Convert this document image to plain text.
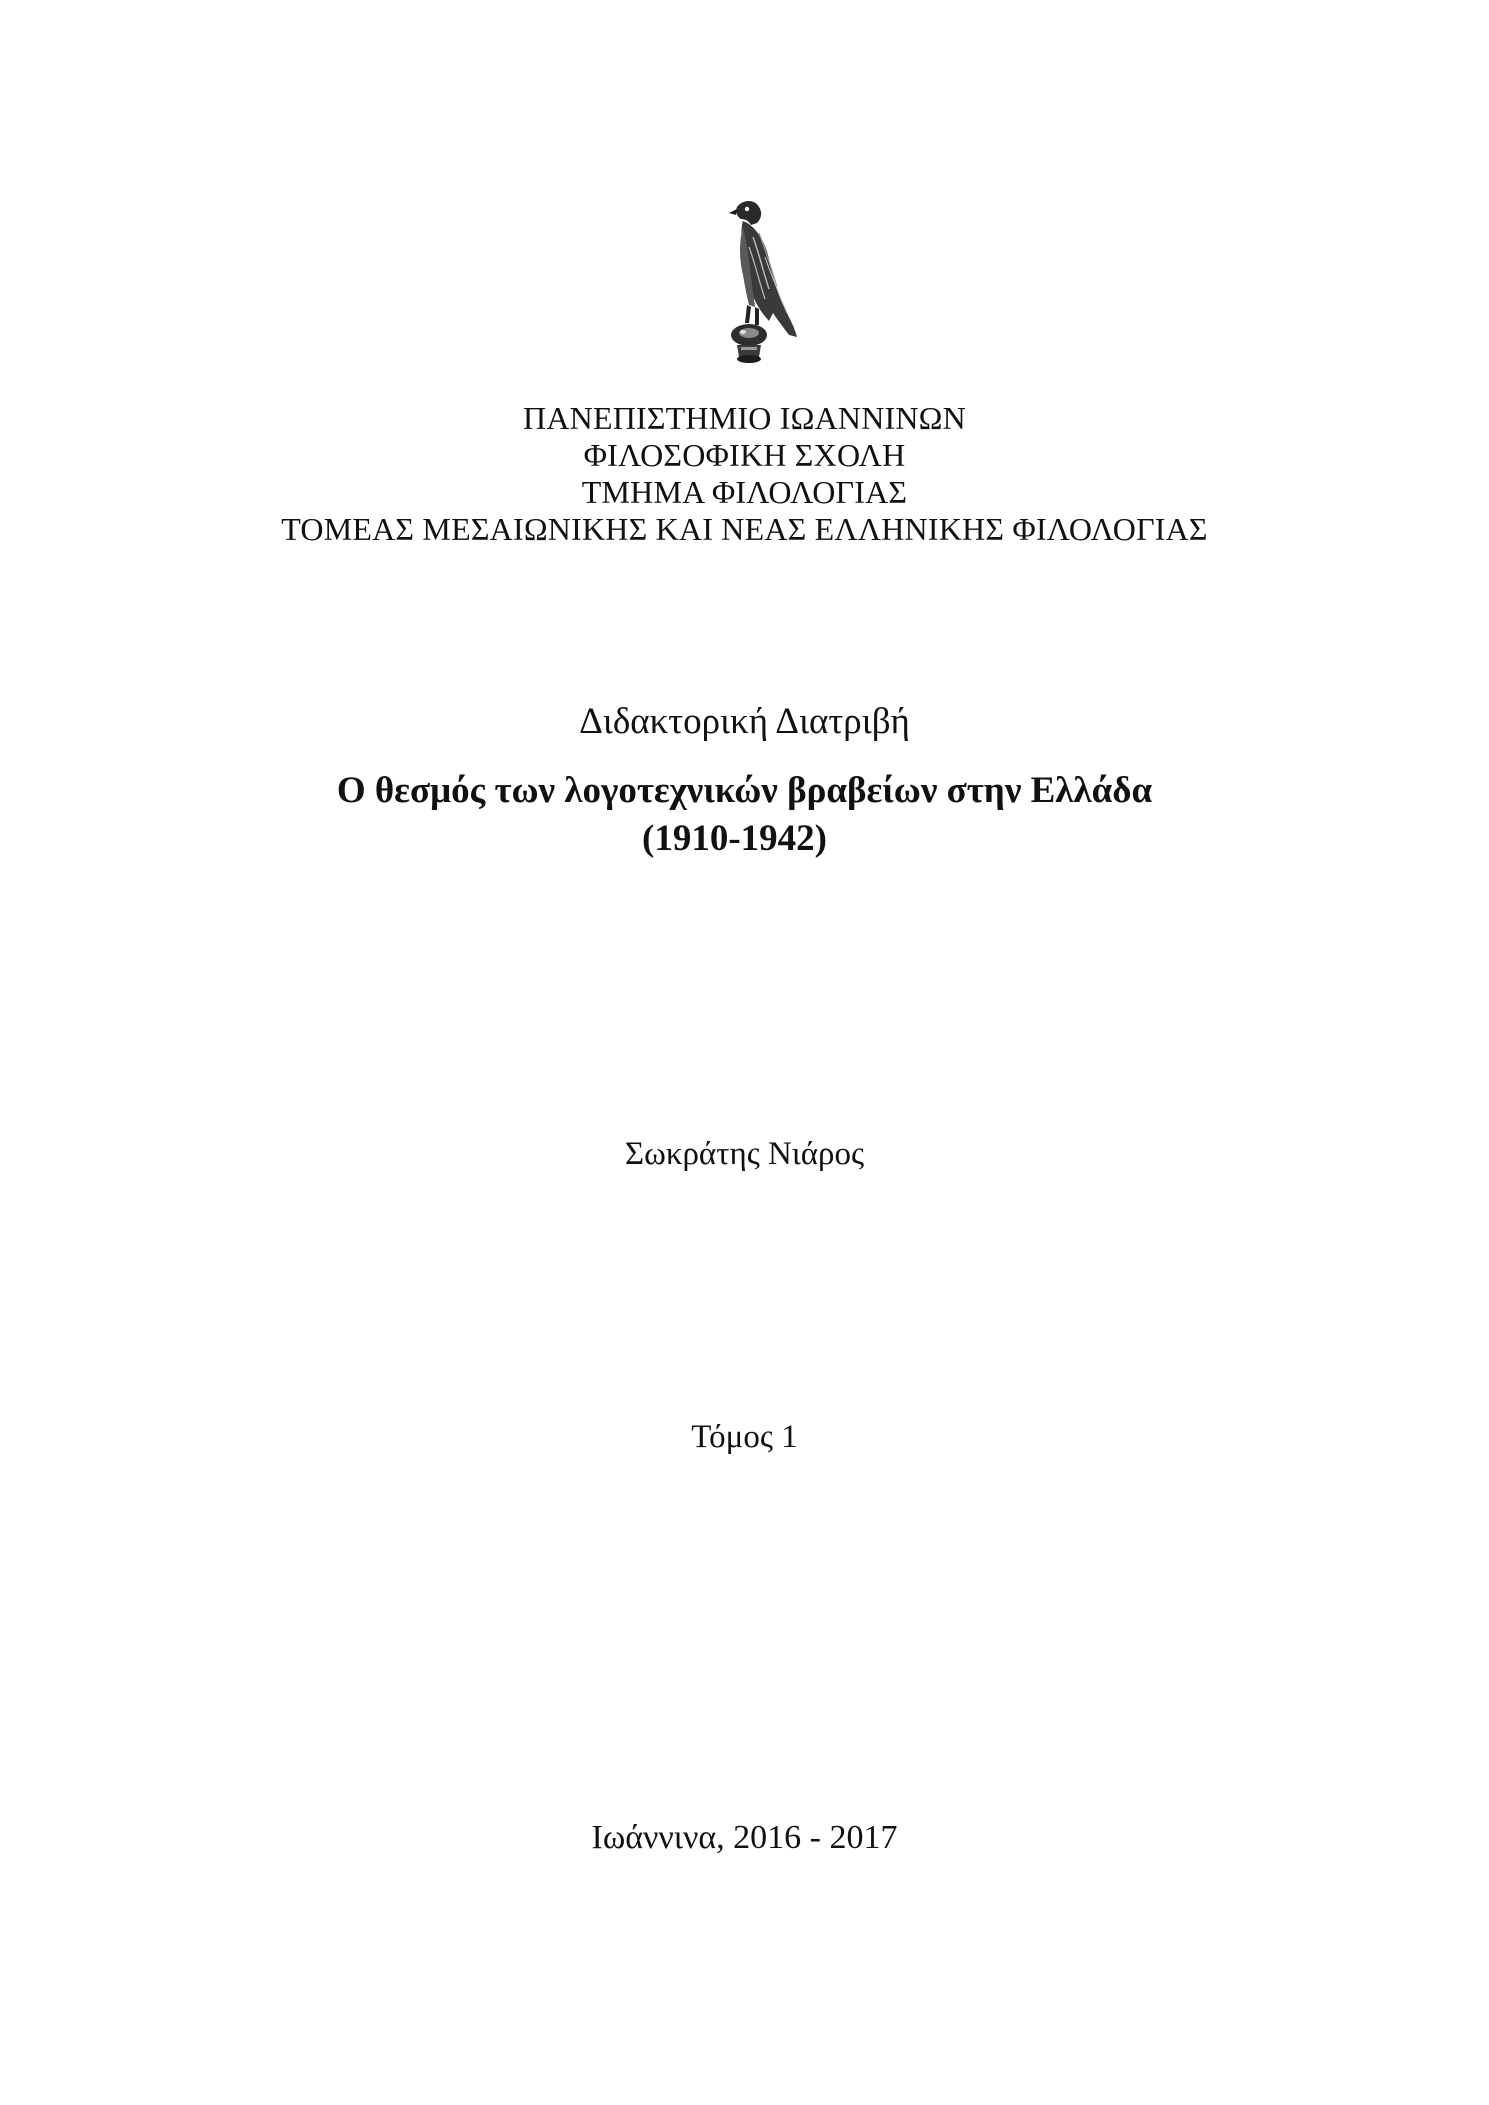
ΠΑΝΕΠΙΣΤΗΜΙΟ ΙΩΑΝΝΙΝΩΝ
ΦΙΛΟΣΟΦΙΚΗ ΣΧΟΛΗ
ΤΜΗΜΑ ΦΙΛΟΛΟΓΙΑΣ
ΤΟΜΕΑΣ ΜΕΣΑΙΩΝΙΚΗΣ ΚΑΙ ΝΕΑΣ ΕΛΛΗΝΙΚΗΣ ΦΙΛΟΛΟΓΙΑΣ
Διδακτορική Διατριβή
Ο θεσμός των λογοτεχνικών βραβείων στην Ελλάδα
(1910-1942)
Σωκράτης Νιάρος
Τόμος 1
Ιωάννινα, 2016 - 2017
